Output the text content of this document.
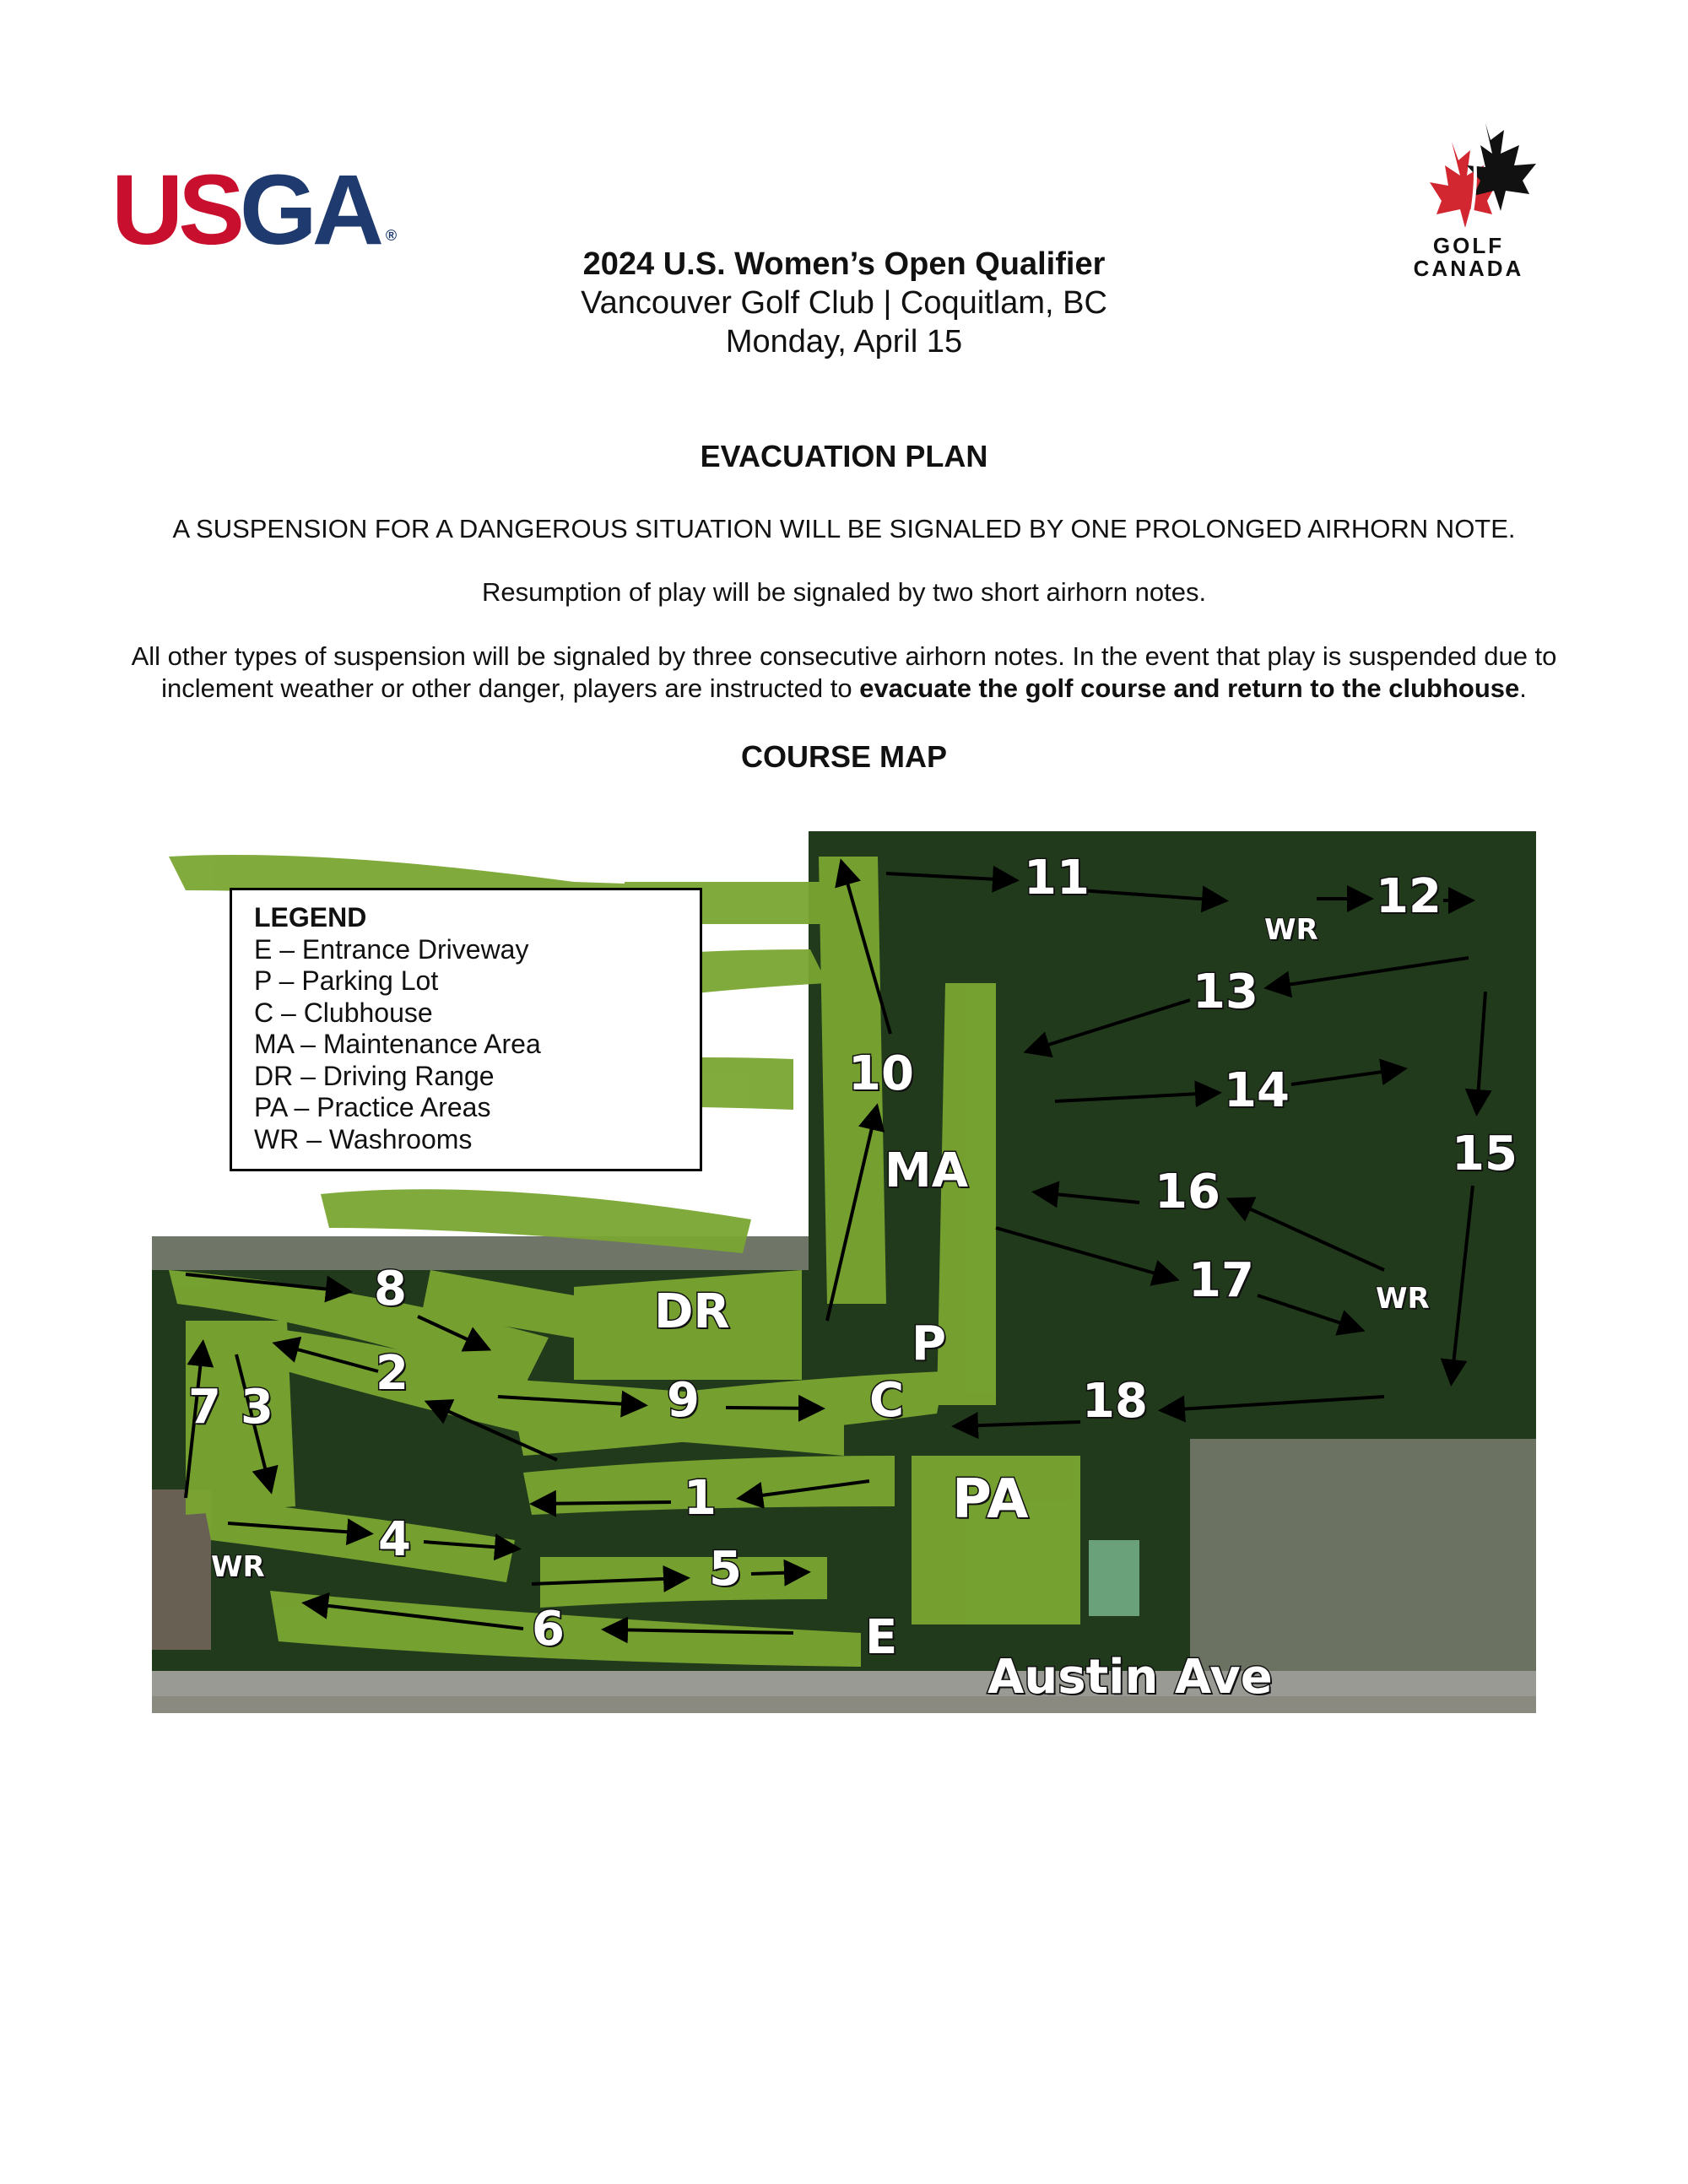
USGA ®	GOLF
CANADA
2024 U.S. Women’s Open Qualifier
Vancouver Golf Club | Coquitlam, BC
Monday, April 15
EVACUATION PLAN
A SUSPENSION FOR A DANGEROUS SITUATION WILL BE SIGNALED BY ONE PROLONGED AIRHORN NOTE.
Resumption of play will be signaled by two short airhorn notes.
All other types of suspension will be signaled by three consecutive airhorn notes. In the event that play is suspended due to
inclement weather or other danger, players are instructed to evacuate the golf course and return to the clubhouse.
COURSE MAP
11	12
WR
13
10	14
15
MA	16
17	WR
8	DR
P
2
7 3	9	C	18
1	PA
4
WR	5
6	E
Austin Ave
LEGEND
E – Entrance Driveway
P – Parking Lot
C – Clubhouse
MA – Maintenance Area
DR – Driving Range
PA – Practice Areas
WR – Washrooms
